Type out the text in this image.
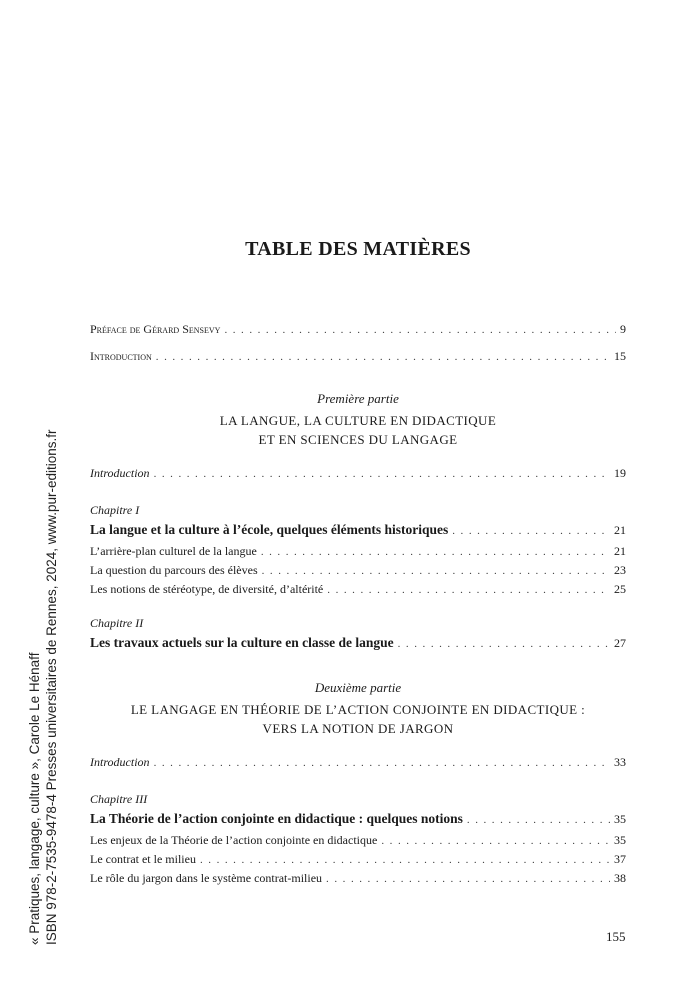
« Pratiques, langage, culture », Carole Le Hénaff ISBN 978-2-7535-9478-4 Presses universitaires de Rennes, 2024, www.pur-editions.fr
TABLE DES MATIÈRES
Préface de Gérard Sensevy . . .	9
Introduction . . .	15
Première partie
LA LANGUE, LA CULTURE EN DIDACTIQUE
ET EN SCIENCES DU LANGAGE
Introduction . . .	19
Chapitre I
La langue et la culture à l’école, quelques éléments historiques . . .	21
L’arrière-plan culturel de la langue . . .	21
La question du parcours des élèves . . .	23
Les notions de stéréotype, de diversité, d’altérité . . .	25
Chapitre II
Les travaux actuels sur la culture en classe de langue . . .	27
Deuxième partie
LE LANGAGE EN THÉORIE DE L’ACTION CONJOINTE EN DIDACTIQUE :
VERS LA NOTION DE JARGON
Introduction . . .	33
Chapitre III
La Théorie de l’action conjointe en didactique : quelques notions . . .	35
Les enjeux de la Théorie de l’action conjointe en didactique . . .	35
Le contrat et le milieu . . .	37
Le rôle du jargon dans le système contrat-milieu . . .	38
155
